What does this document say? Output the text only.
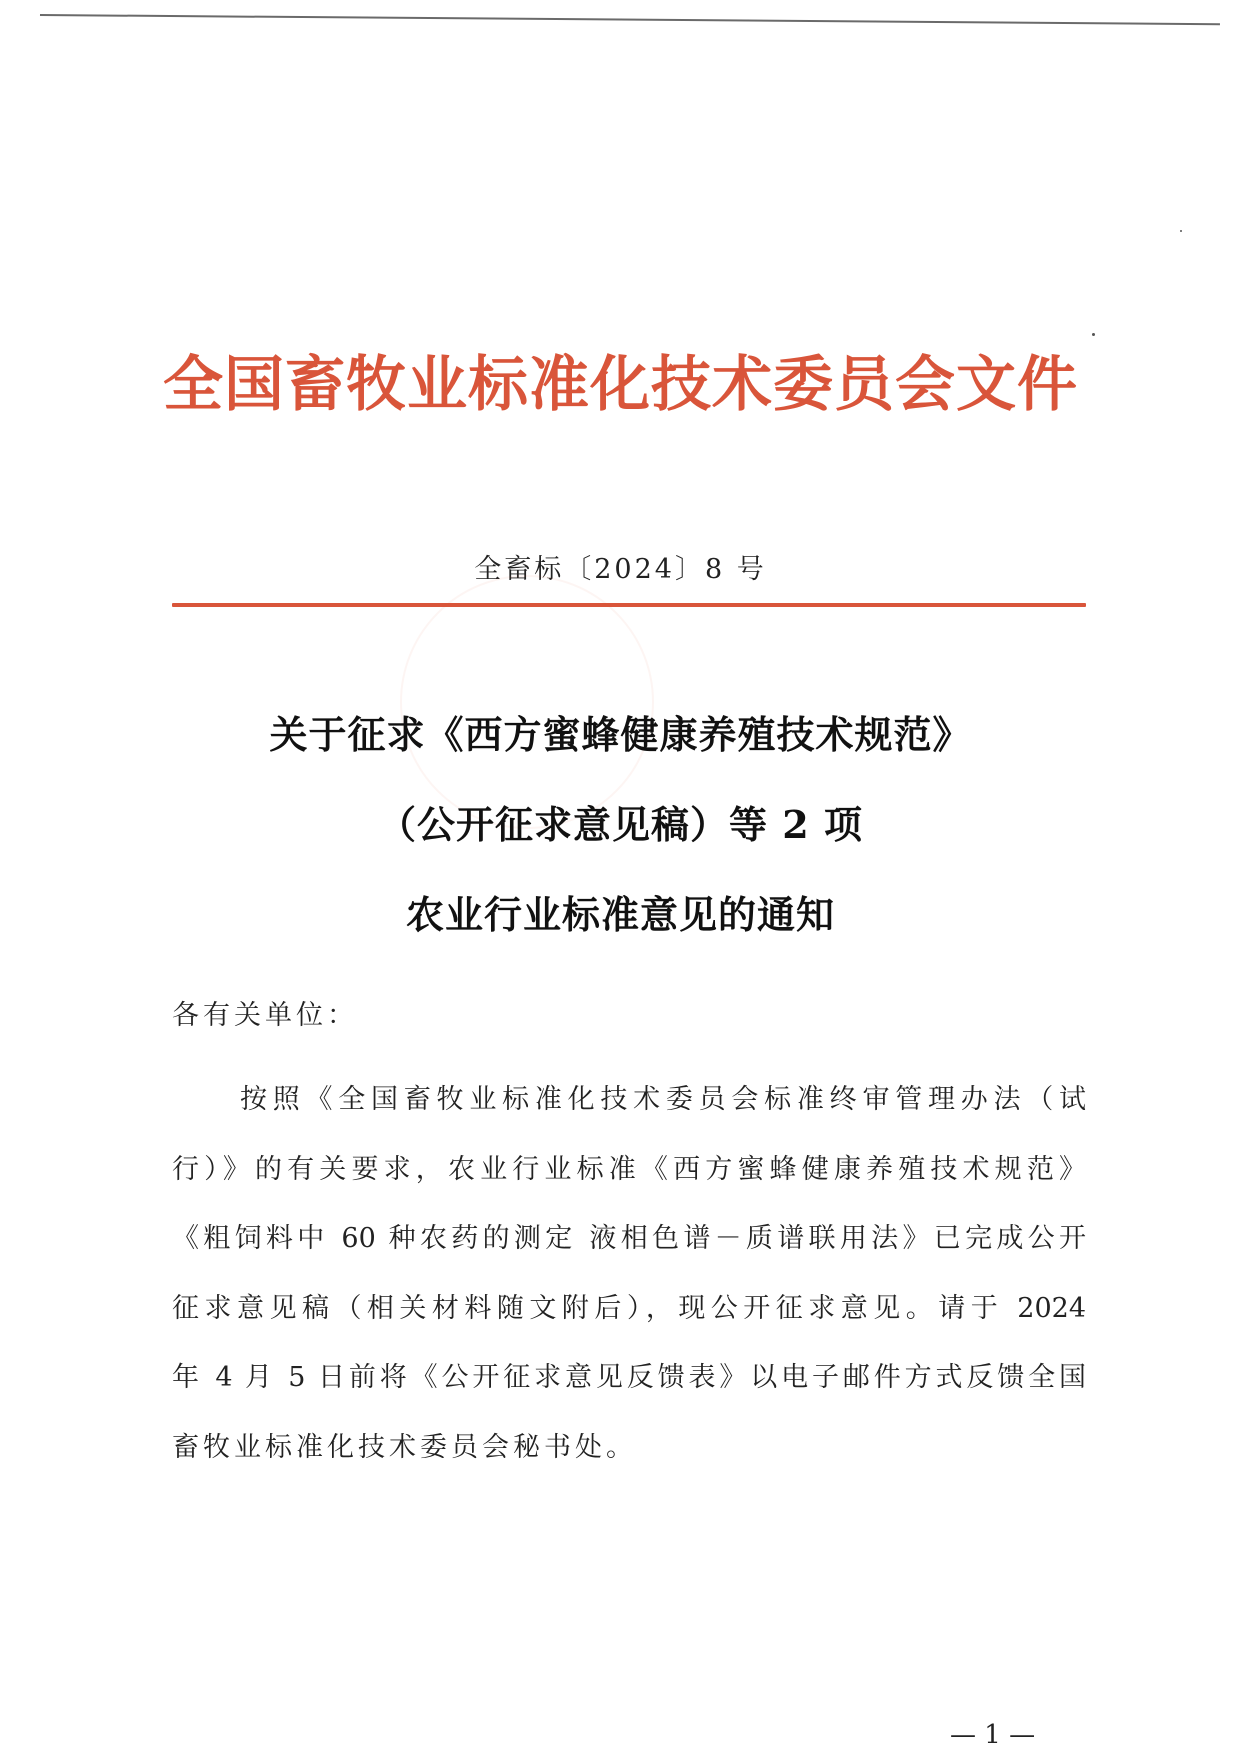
全国畜牧业标准化技术委员会文件
全畜标〔2024〕8 号
关于征求《西方蜜蜂健康养殖技术规范》
（公开征求意见稿）等 2 项
农业行业标准意见的通知
各有关单位：
按照《全国畜牧业标准化技术委员会标准终审管理办法（试
行）》的有关要求，农业行业标准《西方蜜蜂健康养殖技术规范》
《粗饲料中 60 种农药的测定 液相色谱－质谱联用法》已完成公开
征求意见稿（相关材料随文附后），现公开征求意见。请于 2024
年 4 月 5 日前将《公开征求意见反馈表》以电子邮件方式反馈全国
畜牧业标准化技术委员会秘书处。
— 1 —
